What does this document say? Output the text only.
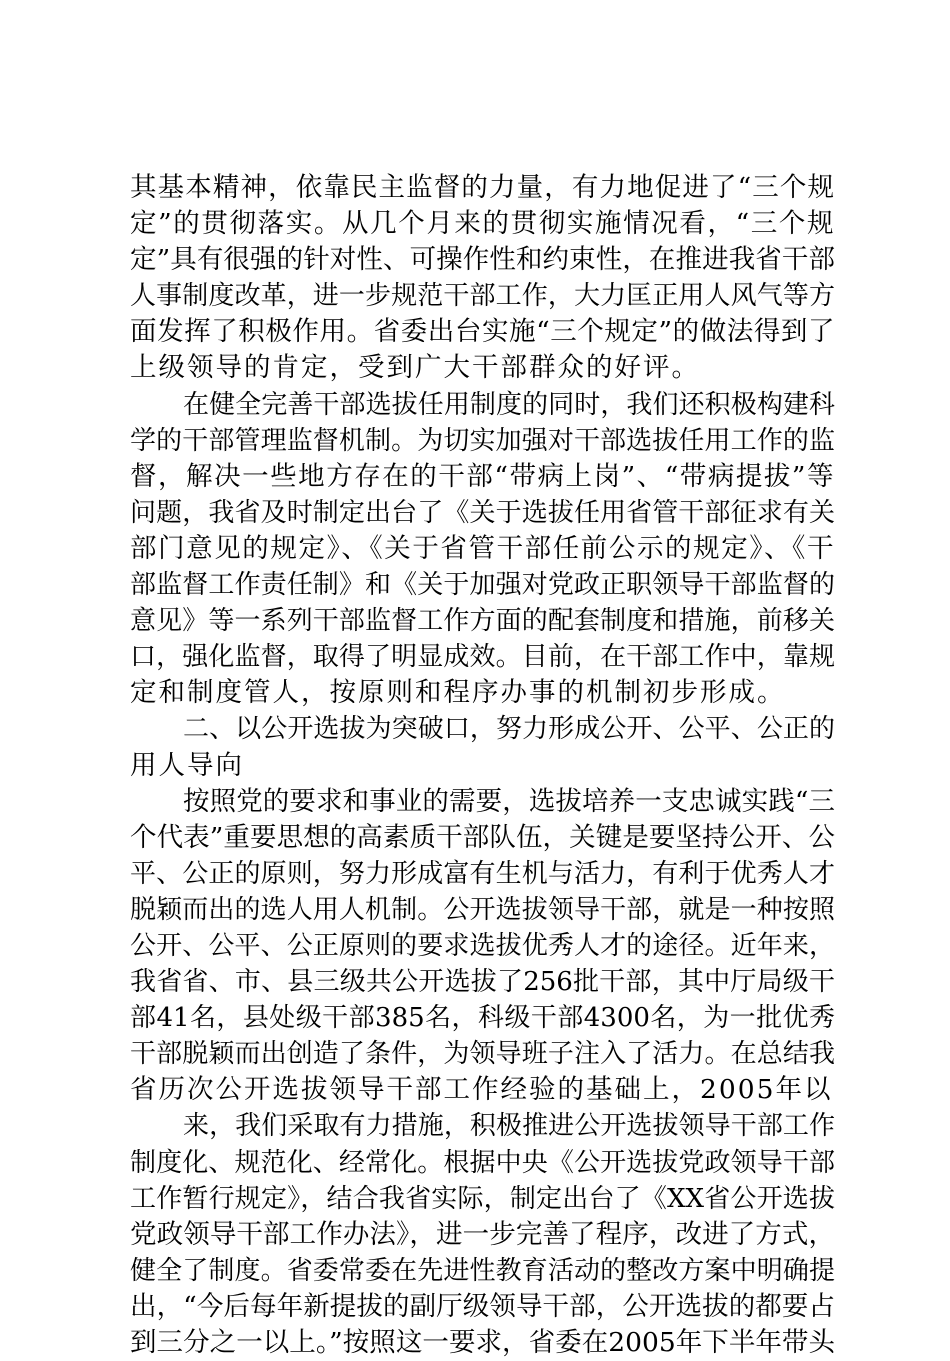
其基本精神，依靠民主监督的力量，有力地促进了“三个规
定”的贯彻落实。从几个月来的贯彻实施情况看，“三个规
定”具有很强的针对性、可操作性和约束性，在推进我省干部
人事制度改革，进一步规范干部工作，大力匡正用人风气等方
面发挥了积极作用。省委出台实施“三个规定”的做法得到了
上级领导的肯定，受到广大干部群众的好评。
在健全完善干部选拔任用制度的同时，我们还积极构建科
学的干部管理监督机制。为切实加强对干部选拔任用工作的监
督，解决一些地方存在的干部“带病上岗”、“带病提拔”等
问题，我省及时制定出台了《关于选拔任用省管干部征求有关
部门意见的规定》、《关于省管干部任前公示的规定》、《干
部监督工作责任制》和《关于加强对党政正职领导干部监督的
意见》等一系列干部监督工作方面的配套制度和措施，前移关
口，强化监督，取得了明显成效。目前，在干部工作中，靠规
定和制度管人，按原则和程序办事的机制初步形成。
二、以公开选拔为突破口，努力形成公开、公平、公正的
用人导向
按照党的要求和事业的需要，选拔培养一支忠诚实践“三
个代表”重要思想的高素质干部队伍，关键是要坚持公开、公
平、公正的原则，努力形成富有生机与活力，有利于优秀人才
脱颖而出的选人用人机制。公开选拔领导干部，就是一种按照
公开、公平、公正原则的要求选拔优秀人才的途径。近年来，
我省省、市、县三级共公开选拔了256批干部，其中厅局级干
部41名，县处级干部385名，科级干部4300名，为一批优秀
干部脱颖而出创造了条件，为领导班子注入了活力。在总结我
省历次公开选拔领导干部工作经验的基础上，2005年以
来，我们采取有力措施，积极推进公开选拔领导干部工作
制度化、规范化、经常化。根据中央《公开选拔党政领导干部
工作暂行规定》，结合我省实际，制定出台了《XX省公开选拔
党政领导干部工作办法》，进一步完善了程序，改进了方式，
健全了制度。省委常委在先进性教育活动的整改方案中明确提
出，“今后每年新提拔的副厅级领导干部，公开选拔的都要占
到三分之一以上。”按照这一要求，省委在2005年下半年带头
